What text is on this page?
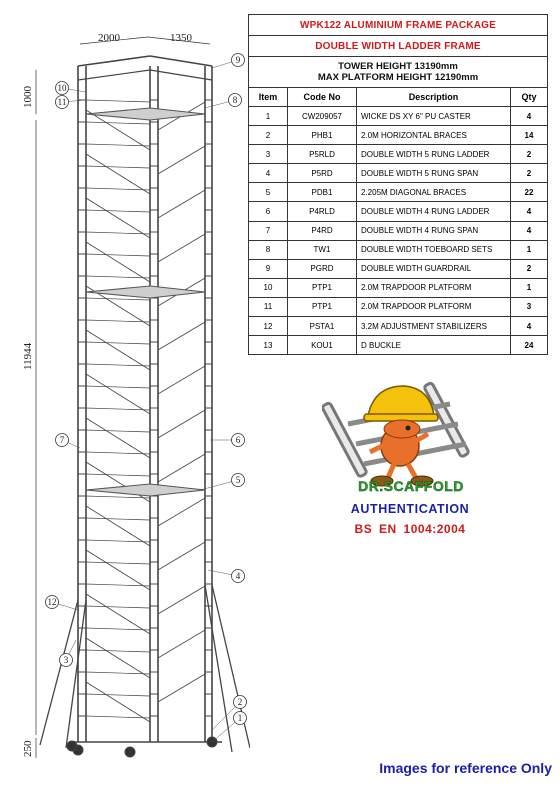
2000	1350
1000
11944
250
1
2
3
4
5
6
7
8
9
10
11
12
WPK122 ALUMINIUM FRAME PACKAGE			
DOUBLE WIDTH LADDER FRAME			

TOWER HEIGHT 13190mm
MAX PLATFORM HEIGHT 12190mm			

Item	Code No	Description	Qty
1	CW209057	WICKE DS XY 6" PU CASTER	4
2	PHB1	2.0M HORIZONTAL BRACES	14
3	P5RLD	DOUBLE WIDTH 5 RUNG LADDER	2
4	P5RD	DOUBLE WIDTH 5 RUNG SPAN	2
5	PDB1	2.205M DIAGONAL BRACES	22
6	P4RLD	DOUBLE WIDTH 4 RUNG LADDER	4
7	P4RD	DOUBLE WIDTH 4 RUNG SPAN	4
8	TW1	DOUBLE WIDTH TOEBOARD SETS	1
9	PGRD	DOUBLE WIDTH GUARDRAIL	2
10	PTP1	2.0M TRAPDOOR PLATFORM	1
11	PTP1	2.0M TRAPDOOR PLATFORM	3
12	PSTA1	3.2M ADJUSTMENT STABILIZERS	4
13	KOU1	D BUCKLE	24
DR.SCAFFOLD
AUTHENTICATION
BS EN 1004:2004
Images for reference Only
